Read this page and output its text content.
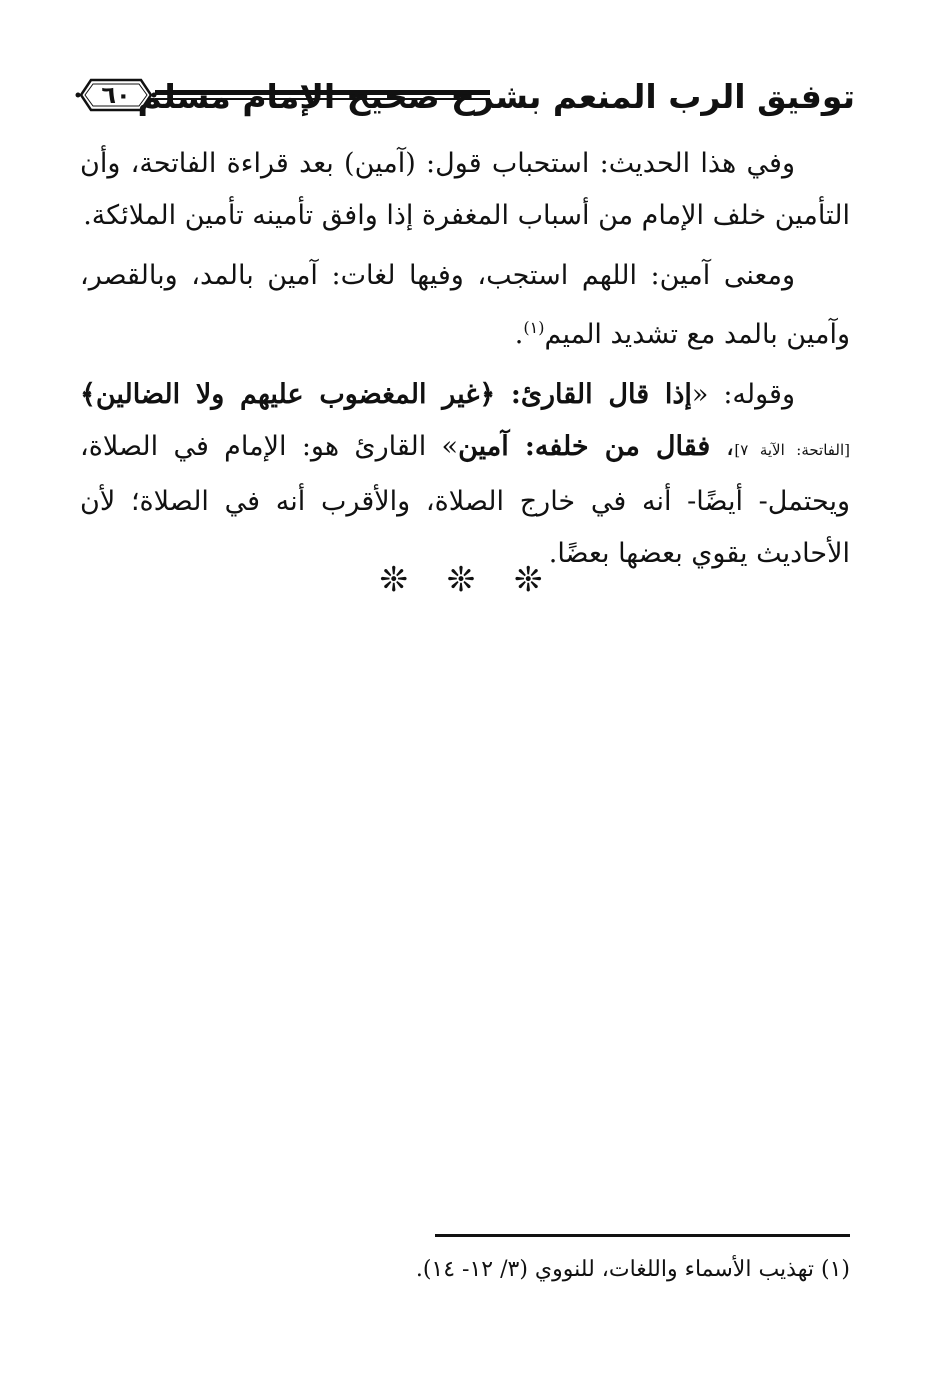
٦٠ توفيق الرب المنعم بشرح صحيح الإمام مسلم

وفي هذا الحديث: استحباب قول: (آمين) بعد قراءة الفاتحة، وأن التأمين خلف الإمام من أسباب المغفرة إذا وافق تأمينه تأمين الملائكة.

ومعنى آمين: اللهم استجب، وفيها لغات: آمين بالمد، وبالقصر، وآمين بالمد مع تشديد الميم$^{(١)}$.

وقوله: «إذا قال القارئ: ﴿غير المغضوب عليهم ولا الضالين﴾[الفاتحة: الآية ٧]، فقال من خلفه: آمين» القارئ هو: الإمام في الصلاة، ويحتمل- أيضًا- أنه في خارج الصلاة، والأقرب أنه في الصلاة؛ لأن الأحاديث يقوي بعضها بعضًا.

❊ ❊ ❊
(١) تهذيب الأسماء واللغات، للنووي (٣/ ١٢- ١٤).
